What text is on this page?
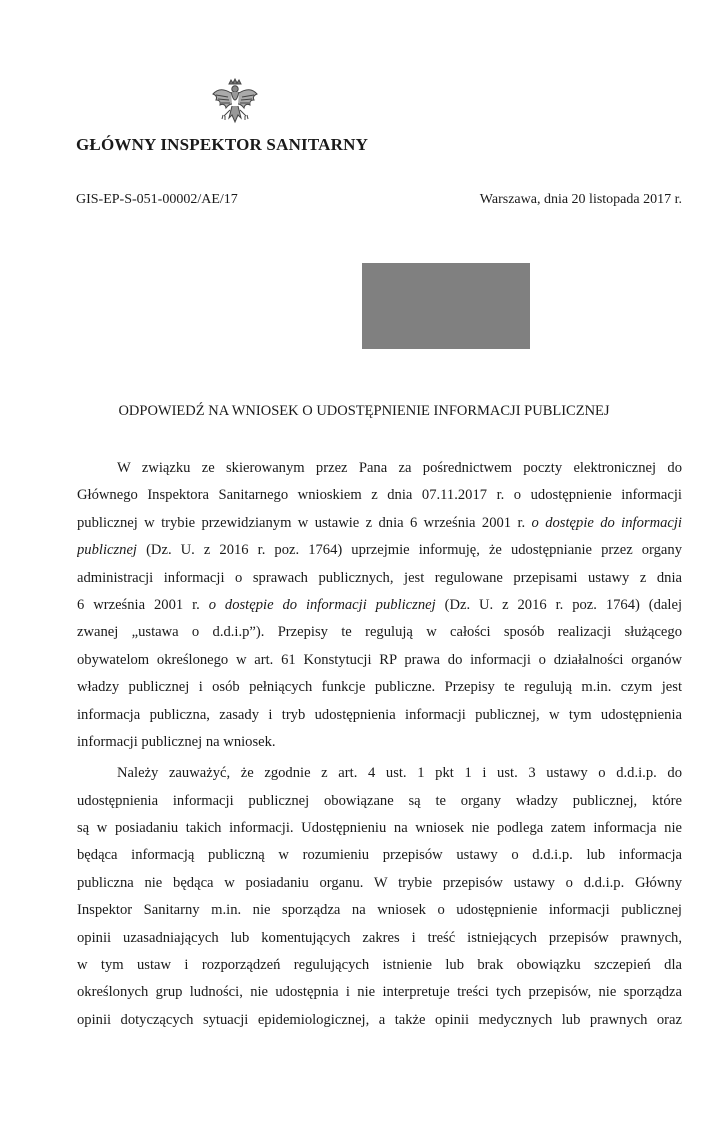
GŁÓWNY INSPEKTOR SANITARNY
GIS-EP-S-051-00002/AE/17	Warszawa, dnia 20 listopada 2017 r.
ODPOWIEDŹ NA WNIOSEK O UDOSTĘPNIENIE INFORMACJI PUBLICZNEJ
W związku ze skierowanym przez Pana za pośrednictwem poczty elektronicznej do
Głównego Inspektora Sanitarnego wnioskiem z dnia 07.11.2017 r. o udostępnienie informacji
publicznej w trybie przewidzianym w ustawie z dnia 6 września 2001 r. o dostępie do informacji
publicznej (Dz. U. z 2016 r. poz. 1764) uprzejmie informuję, że udostępnianie przez organy
administracji informacji o sprawach publicznych, jest regulowane przepisami ustawy z dnia
6 września 2001 r. o dostępie do informacji publicznej (Dz. U. z 2016 r. poz. 1764) (dalej
zwanej „ustawa o d.d.i.p”). Przepisy te regulują w całości sposób realizacji służącego
obywatelom określonego w art. 61 Konstytucji RP prawa do informacji o działalności organów
władzy publicznej i osób pełniących funkcje publiczne. Przepisy te regulują m.in. czym jest
informacja publiczna, zasady i tryb udostępnienia informacji publicznej, w tym udostępnienia
informacji publicznej na wniosek.
Należy zauważyć, że zgodnie z art. 4 ust. 1 pkt 1 i ust. 3 ustawy o d.d.i.p. do
udostępnienia informacji publicznej obowiązane są te organy władzy publicznej, które
są w posiadaniu takich informacji. Udostępnieniu na wniosek nie podlega zatem informacja nie
będąca informacją publiczną w rozumieniu przepisów ustawy o d.d.i.p. lub informacja
publiczna nie będąca w posiadaniu organu. W trybie przepisów ustawy o d.d.i.p. Główny
Inspektor Sanitarny m.in. nie sporządza na wniosek o udostępnienie informacji publicznej
opinii uzasadniających lub komentujących zakres i treść istniejących przepisów prawnych,
w tym ustaw i rozporządzeń regulujących istnienie lub brak obowiązku szczepień dla
określonych grup ludności, nie udostępnia i nie interpretuje treści tych przepisów, nie sporządza
opinii dotyczących sytuacji epidemiologicznej, a także opinii medycznych lub prawnych oraz
